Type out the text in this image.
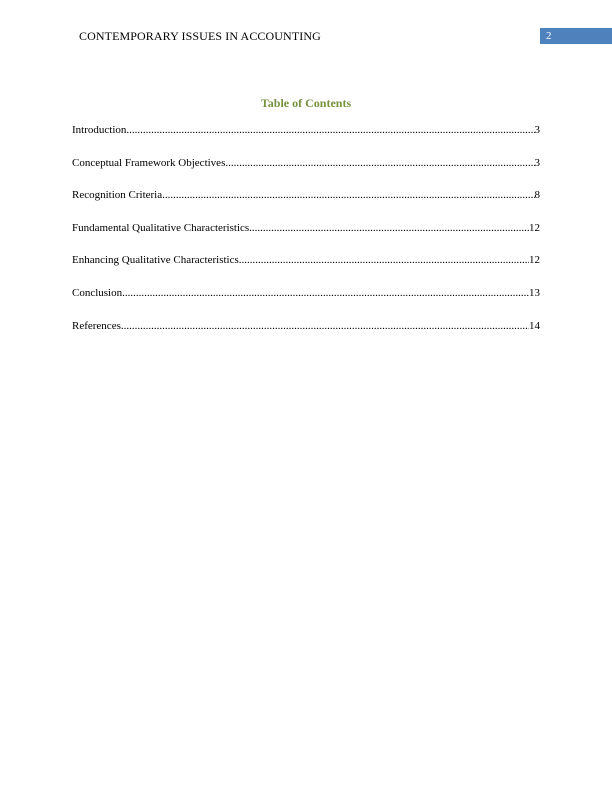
CONTEMPORARY ISSUES IN ACCOUNTING	2
Table of Contents
Introduction .....	3
Conceptual Framework Objectives .....	3
Recognition Criteria .....	8
Fundamental Qualitative Characteristics .....	12
Enhancing Qualitative Characteristics .....	12
Conclusion .....	13
References .....	14
